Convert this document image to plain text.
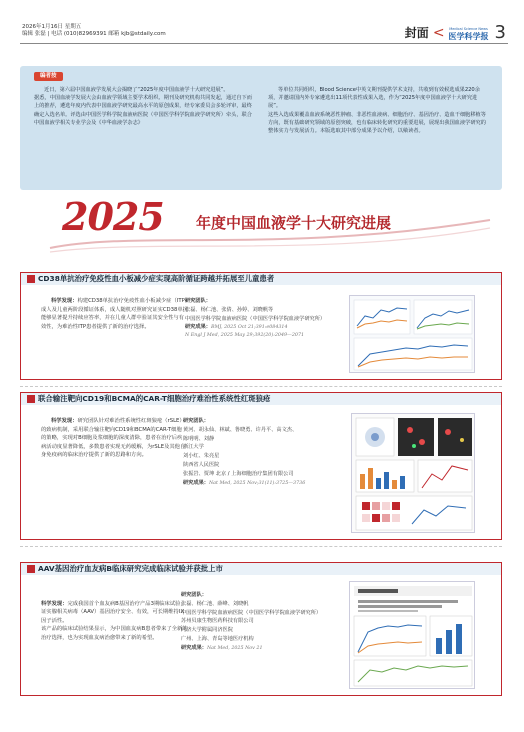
2026年1月16日 星期五
编辑 张磊 | 电话 (010)82969391 邮箱 kjb@stdaily.com	封面 < Medical Science News
医学科学报 3
编者按
近日，第六届中国血液学发展大会揭晓了“2025年度中国血液学十大研究进展”。
据悉，中国血液学发展大会由血液学领域主要学术组织、期刊及研究机构共同发起，通过自下而上的推荐，遴选年度内代表中国血液学研究最高水平的原创成果，经专家委员会多轮评审，最终确定入选名单。评选由中国医学科学院血液病医院（中国医学科学院血液学研究所）牵头，联合中国血液学相关专业学会及《中华血液学杂志》
等单位共同组织，Blood Science中英文期刊提供学术支持，共收到有效候选成果220余项，并邀请国内外专家遴选出11项代表性成果入选，作为“2025年度中国血液学十大研究进展”。
这些入选成果覆盖血液系统恶性肿瘤、非恶性血液病、细胞治疗、基因治疗、造血干细胞移植等方向，既有基础研究领域的原创突破，也有临床转化研究的重要进展，展现出我国血液学研究的整体实力与发展活力。本版选取其中部分成果予以介绍，以飨读者。
2025 年度中国血液学十大研究进展
CD38单抗治疗免疫性血小板减少症实现高阶循证跨越并拓展至儿童患者
科学发现：构建CD38单抗治疗免疫性血小板减少症（ITP）成人及儿童两阶段循证体系，成人随机对照研究证实CD38单抗能够显著提升持续应答率，并在儿童人群中验证其安全性与有效性，为难治性ITP患者提供了新的治疗选择。
研究团队：
张磊、杨仁池、张倩、孙婷、刘晓帆等
中国医学科学院血液病医院（中国医学科学院血液学研究所）
研究成果：BMJ, 2025 Oct 21;391:e084314
N Engl J Med, 2025 May 29;392(20):2049—2071
联合输注靶向CD19和BCMA的CAR-T细胞治疗难治性系统性红斑狼疮
科学发现：研究团队针对难治性系统性红斑狼疮（rSLE）的致病机制，采用联合输注靶向CD19和BCMA的CAR-T细胞的策略，实现对B细胞及浆细胞的深度清除，患者在治疗后疾病活动度显著降低，多数患者实现无药缓解，为rSLE及其他自身免疫病的临床治疗提供了新的思路和方向。
研究团队：
黄河、胡永仙、林斌、鲁晓勇、许丹平、高文杰、
陈明明、刘静
浙江大学
刘小红、朱亮星
陕西省人民医院
张振岩、贾坤 北京 / 上海细胞治疗集团有限公司
研究成果：Nat Med, 2025 Nov;31(11):3725—3736
AAV基因治疗血友病B临床研究完成临床试验并获批上市

科学发现：完成我国首个血友病B基因治疗产品3期临床试验，证实腺相关病毒（AAV）基因治疗安全、有效，可长期维持IX因子活性。
该产品的临床试验结果显示，为中国血友病B患者带来了全新的治疗选择，也为实现血友病治愈带来了新的希望。

研究团队：
张磊、杨仁池、薛峰、刘晓帆
中国医学科学院血液病医院（中国医学科学院血液学研究所）
苏州贝康生物医药科技有限公司
同济大学附属同济医院
广州、上海、青岛等地医疗机构
研究成果：Nat Med, 2025 Nov 21
